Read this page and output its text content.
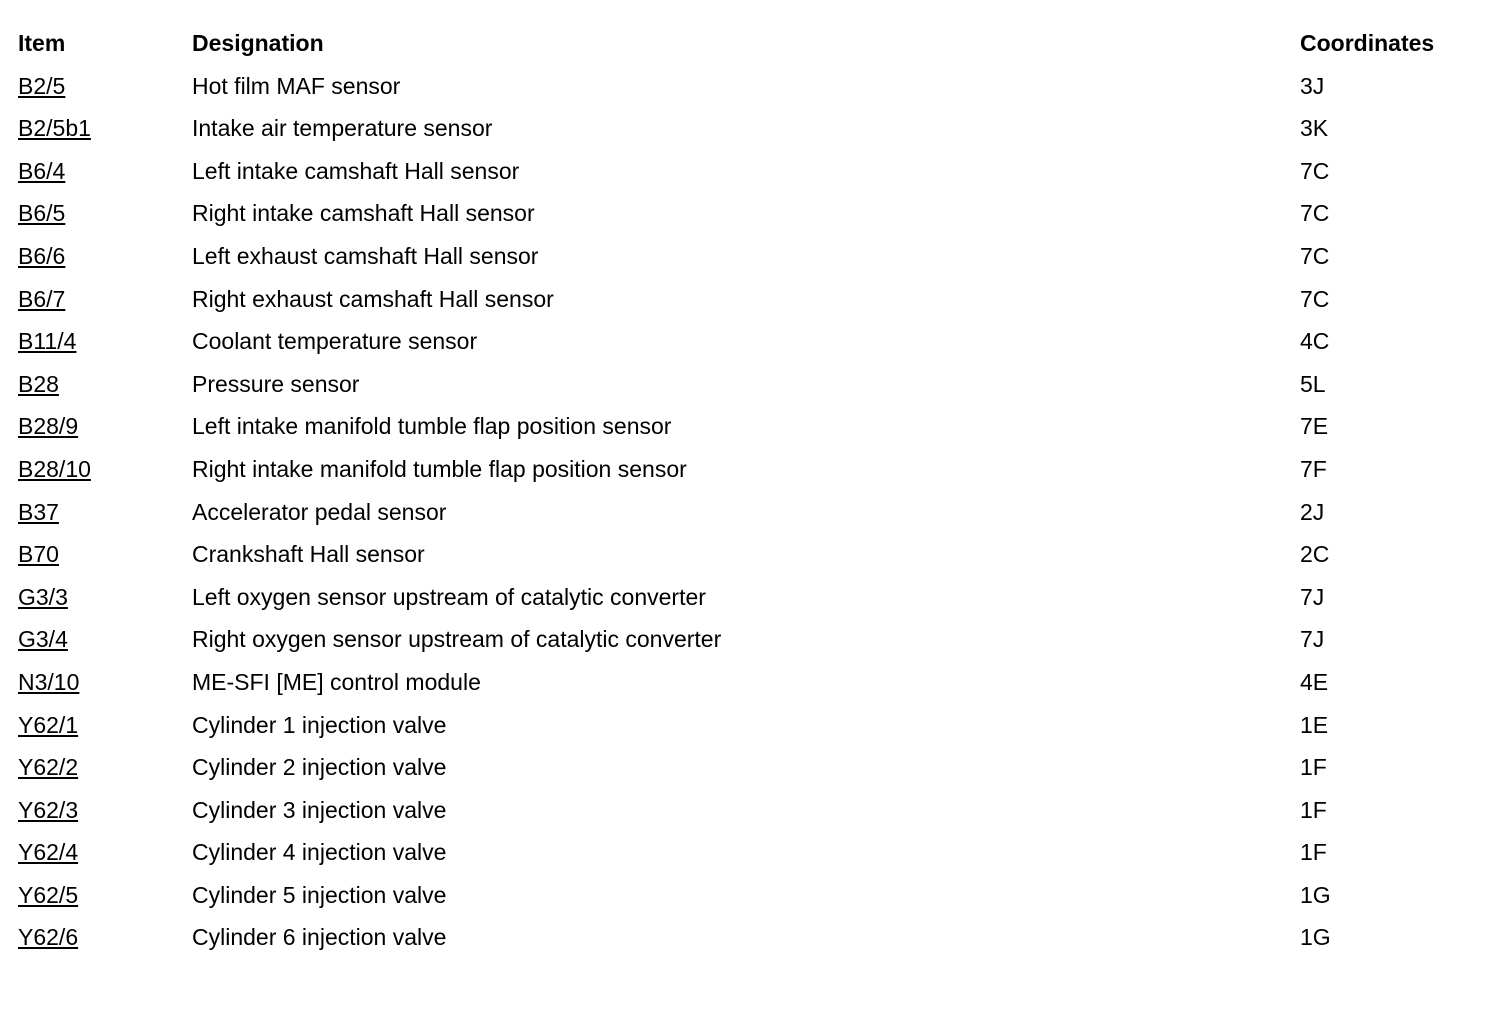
Item	Designation	Coordinates
B2/5	Hot film MAF sensor	3J
B2/5b1	Intake air temperature sensor	3K
B6/4	Left intake camshaft Hall sensor	7C
B6/5	Right intake camshaft Hall sensor	7C
B6/6	Left exhaust camshaft Hall sensor	7C
B6/7	Right exhaust camshaft Hall sensor	7C
B11/4	Coolant temperature sensor	4C
B28	Pressure sensor	5L
B28/9	Left intake manifold tumble flap position sensor	7E
B28/10	Right intake manifold tumble flap position sensor	7F
B37	Accelerator pedal sensor	2J
B70	Crankshaft Hall sensor	2C
G3/3	Left oxygen sensor upstream of catalytic converter	7J
G3/4	Right oxygen sensor upstream of catalytic converter	7J
N3/10	ME-SFI [ME] control module	4E
Y62/1	Cylinder 1 injection valve	1E
Y62/2	Cylinder 2 injection valve	1F
Y62/3	Cylinder 3 injection valve	1F
Y62/4	Cylinder 4 injection valve	1F
Y62/5	Cylinder 5 injection valve	1G
Y62/6	Cylinder 6 injection valve	1G
